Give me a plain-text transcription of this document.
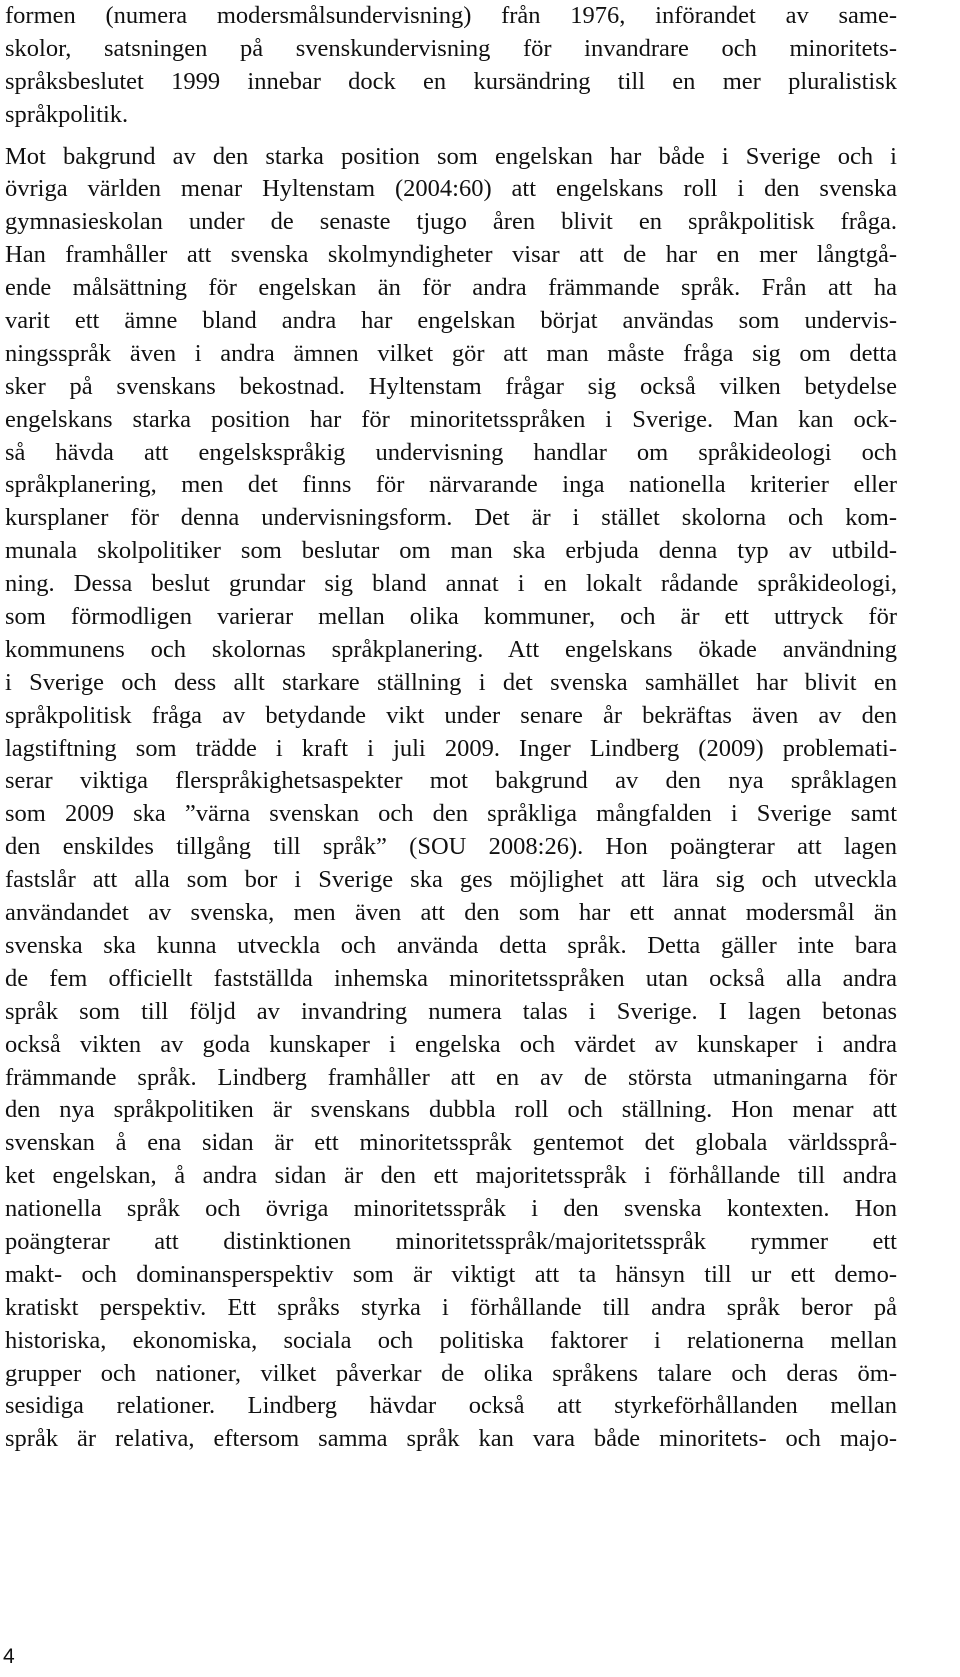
formen (numera modersmålsundervisning) från 1976, införandet av same-
skolor, satsningen på svenskundervisning för invandrare och minoritets-
språksbeslutet 1999 innebar dock en kursändring till en mer pluralistisk
språkpolitik.

Mot bakgrund av den starka position som engelskan har både i Sverige och i
övriga världen menar Hyltenstam (2004:60) att engelskans roll i den svenska
gymnasieskolan under de senaste tjugo åren blivit en språkpolitisk fråga.
Han framhåller att svenska skolmyndigheter visar att de har en mer långtgå-
ende målsättning för engelskan än för andra främmande språk. Från att ha
varit ett ämne bland andra har engelskan börjat användas som undervis-
ningsspråk även i andra ämnen vilket gör att man måste fråga sig om detta
sker på svenskans bekostnad. Hyltenstam frågar sig också vilken betydelse
engelskans starka position har för minoritetsspråken i Sverige. Man kan ock-
så hävda att engelskspråkig undervisning handlar om språkideologi och
språkplanering, men det finns för närvarande inga nationella kriterier eller
kursplaner för denna undervisningsform. Det är i stället skolorna och kom-
munala skolpolitiker som beslutar om man ska erbjuda denna typ av utbild-
ning. Dessa beslut grundar sig bland annat i en lokalt rådande språkideologi,
som förmodligen varierar mellan olika kommuner, och är ett uttryck för
kommunens och skolornas språkplanering. Att engelskans ökade användning
i Sverige och dess allt starkare ställning i det svenska samhället har blivit en
språkpolitisk fråga av betydande vikt under senare år bekräftas även av den
lagstiftning som trädde i kraft i juli 2009. Inger Lindberg (2009) problemati-
serar viktiga flerspråkighetsaspekter mot bakgrund av den nya språklagen
som 2009 ska ”värna svenskan och den språkliga mångfalden i Sverige samt
den enskildes tillgång till språk” (SOU 2008:26). Hon poängterar att lagen
fastslår att alla som bor i Sverige ska ges möjlighet att lära sig och utveckla
användandet av svenska, men även att den som har ett annat modersmål än
svenska ska kunna utveckla och använda detta språk. Detta gäller inte bara
de fem officiellt fastställda inhemska minoritetsspråken utan också alla andra
språk som till följd av invandring numera talas i Sverige. I lagen betonas
också vikten av goda kunskaper i engelska och värdet av kunskaper i andra
främmande språk. Lindberg framhåller att en av de största utmaningarna för
den nya språkpolitiken är svenskans dubbla roll och ställning. Hon menar att
svenskan å ena sidan är ett minoritetsspråk gentemot det globala världssprå-
ket engelskan, å andra sidan är den ett majoritetsspråk i förhållande till andra
nationella språk och övriga minoritetsspråk i den svenska kontexten. Hon
poängterar att distinktionen minoritetsspråk/majoritetsspråk rymmer ett
makt- och dominansperspektiv som är viktigt att ta hänsyn till ur ett demo-
kratiskt perspektiv. Ett språks styrka i förhållande till andra språk beror på
historiska, ekonomiska, sociala och politiska faktorer i relationerna mellan
grupper och nationer, vilket påverkar de olika språkens talare och deras öm-
sesidiga relationer. Lindberg hävdar också att styrkeförhållanden mellan
språk är relativa, eftersom samma språk kan vara både minoritets- och majo-

4
